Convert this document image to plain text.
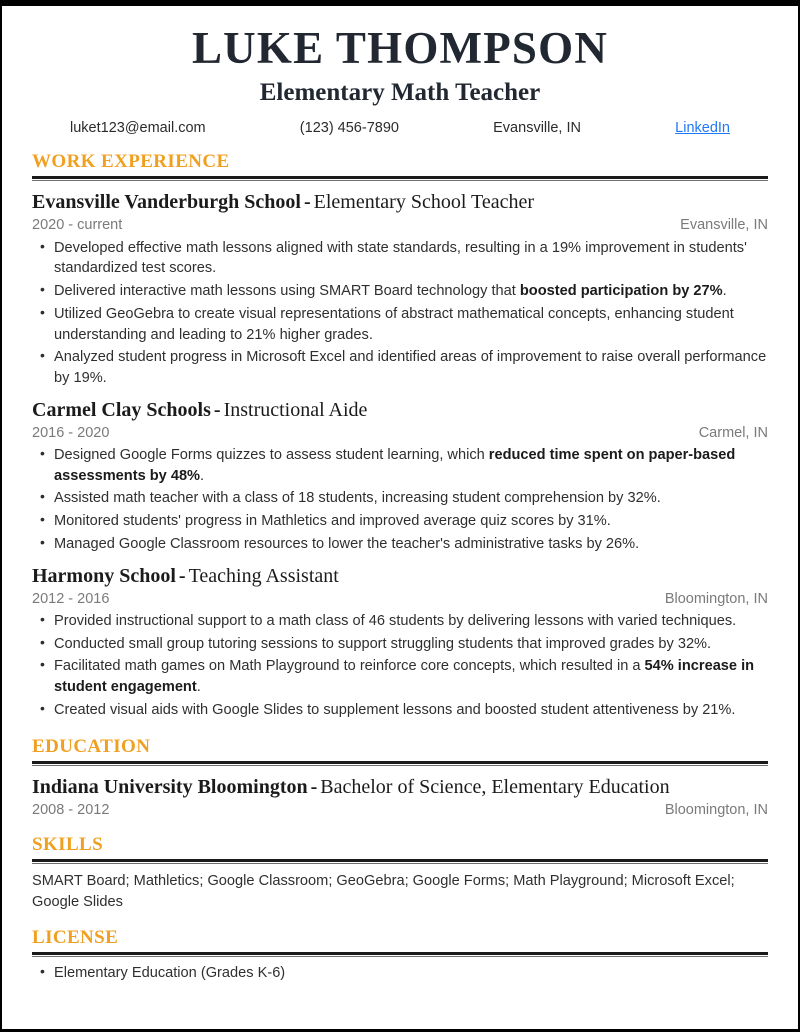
LUKE THOMPSON
Elementary Math Teacher
luket123@email.com	(123) 456-7890	Evansville, IN	LinkedIn
WORK EXPERIENCE
Evansville Vanderburgh School - Elementary School Teacher
2020 - current	Evansville, IN
• Developed effective math lessons aligned with state standards, resulting in a 19% improvement in students' standardized test scores.
• Delivered interactive math lessons using SMART Board technology that boosted participation by 27%.
• Utilized GeoGebra to create visual representations of abstract mathematical concepts, enhancing student understanding and leading to 21% higher grades.
• Analyzed student progress in Microsoft Excel and identified areas of improvement to raise overall performance by 19%.
Carmel Clay Schools - Instructional Aide
2016 - 2020	Carmel, IN
• Designed Google Forms quizzes to assess student learning, which reduced time spent on paper-based assessments by 48%.
• Assisted math teacher with a class of 18 students, increasing student comprehension by 32%.
• Monitored students' progress in Mathletics and improved average quiz scores by 31%.
• Managed Google Classroom resources to lower the teacher's administrative tasks by 26%.
Harmony School - Teaching Assistant
2012 - 2016	Bloomington, IN
• Provided instructional support to a math class of 46 students by delivering lessons with varied techniques.
• Conducted small group tutoring sessions to support struggling students that improved grades by 32%.
• Facilitated math games on Math Playground to reinforce core concepts, which resulted in a 54% increase in student engagement.
• Created visual aids with Google Slides to supplement lessons and boosted student attentiveness by 21%.
EDUCATION
Indiana University Bloomington - Bachelor of Science, Elementary Education
2008 - 2012	Bloomington, IN
SKILLS
SMART Board; Mathletics; Google Classroom; GeoGebra; Google Forms; Math Playground; Microsoft Excel; Google Slides
LICENSE
• Elementary Education (Grades K-6)
